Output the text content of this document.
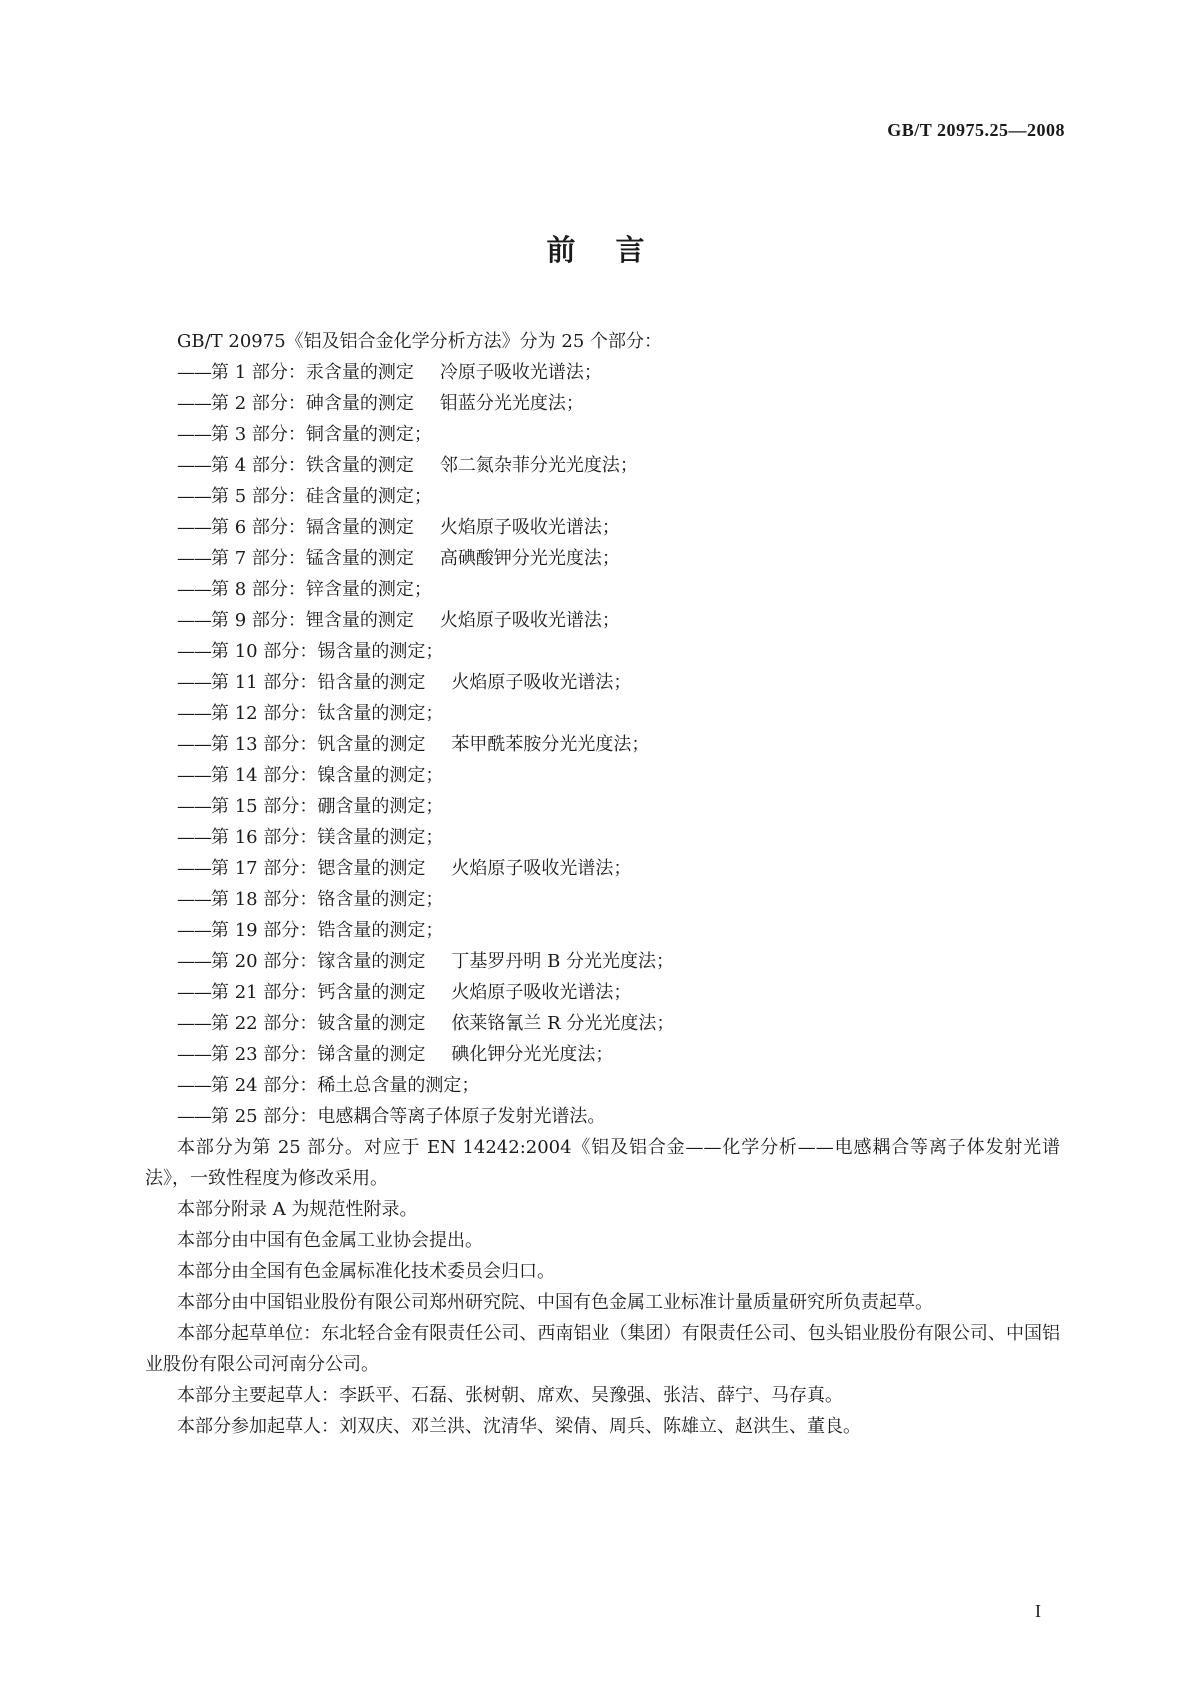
GB/T 20975.25—2008
前言
GB/T 20975《铝及铝合金化学分析方法》分为 25 个部分：
——第 1 部分：汞含量的测定 冷原子吸收光谱法；
——第 2 部分：砷含量的测定 钼蓝分光光度法；
——第 3 部分：铜含量的测定；
——第 4 部分：铁含量的测定 邻二氮杂菲分光光度法；
——第 5 部分：硅含量的测定；
——第 6 部分：镉含量的测定 火焰原子吸收光谱法；
——第 7 部分：锰含量的测定 高碘酸钾分光光度法；
——第 8 部分：锌含量的测定；
——第 9 部分：锂含量的测定 火焰原子吸收光谱法；
——第 10 部分：锡含量的测定；
——第 11 部分：铅含量的测定 火焰原子吸收光谱法；
——第 12 部分：钛含量的测定；
——第 13 部分：钒含量的测定 苯甲酰苯胺分光光度法；
——第 14 部分：镍含量的测定；
——第 15 部分：硼含量的测定；
——第 16 部分：镁含量的测定；
——第 17 部分：锶含量的测定 火焰原子吸收光谱法；
——第 18 部分：铬含量的测定；
——第 19 部分：锆含量的测定；
——第 20 部分：镓含量的测定 丁基罗丹明 B 分光光度法；
——第 21 部分：钙含量的测定 火焰原子吸收光谱法；
——第 22 部分：铍含量的测定 依莱铬氰兰 R 分光光度法；
——第 23 部分：锑含量的测定 碘化钾分光光度法；
——第 24 部分：稀土总含量的测定；
——第 25 部分：电感耦合等离子体原子发射光谱法。
本部分为第 25 部分。对应于 EN 14242:2004《铝及铝合金——化学分析——电感耦合等离子体发射光谱法》，一致性程度为修改采用。
本部分附录 A 为规范性附录。
本部分由中国有色金属工业协会提出。
本部分由全国有色金属标准化技术委员会归口。
本部分由中国铝业股份有限公司郑州研究院、中国有色金属工业标准计量质量研究所负责起草。
本部分起草单位：东北轻合金有限责任公司、西南铝业（集团）有限责任公司、包头铝业股份有限公司、中国铝业股份有限公司河南分公司。
本部分主要起草人：李跃平、石磊、张树朝、席欢、吴豫强、张洁、薛宁、马存真。
本部分参加起草人：刘双庆、邓兰洪、沈清华、梁倩、周兵、陈雄立、赵洪生、董良。
I
